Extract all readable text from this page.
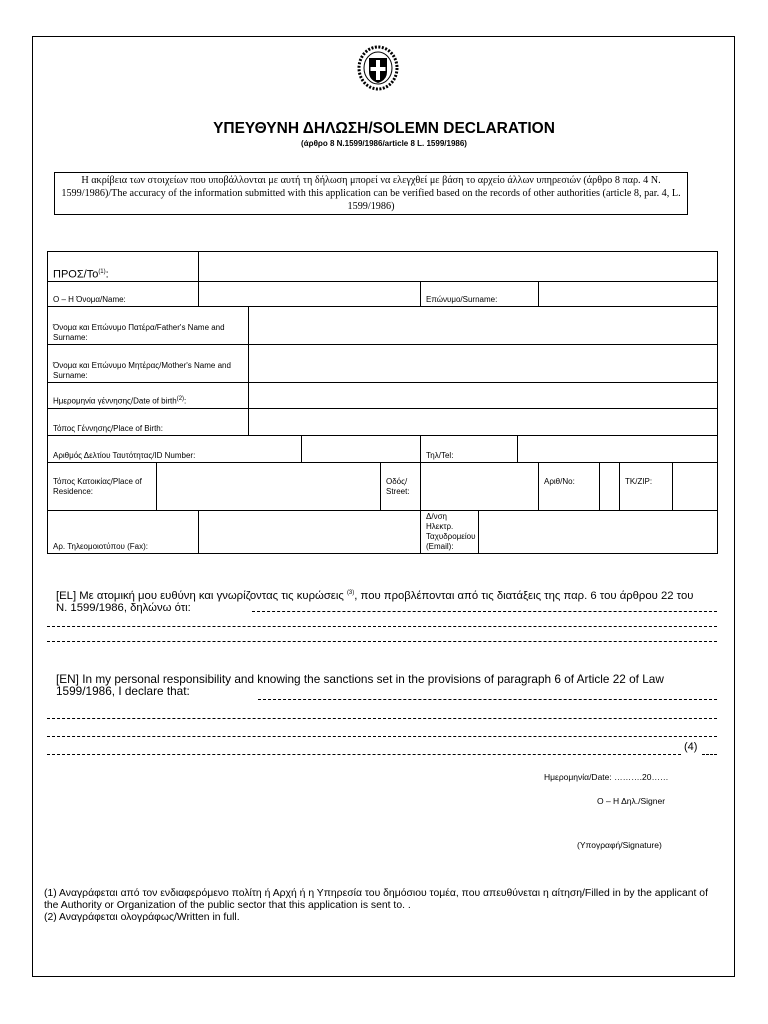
ΥΠΕΥΘΥΝΗ ΔΗΛΩΣΗ/SOLEMN DECLARATION
(άρθρο 8 Ν.1599/1986/article 8 L. 1599/1986)
Η ακρίβεια των στοιχείων που υποβάλλονται με αυτή τη δήλωση μπορεί να ελεγχθεί με βάση το αρχείο άλλων υπηρεσιών (άρθρο 8 παρ. 4 Ν. 1599/1986)/The accuracy of the information submitted with this application can be verified based on the records of other authorities (article 8, par. 4, L. 1599/1986)
ΠΡΟΣ/To$^{(1)}$:												
Ο – Η Όνομα/Name:						Επώνυμο/Surname:						
Όνομα και Επώνυμο Πατέρα/Father's Name and Surname:												
Όνομα και Επώνυμο Μητέρας/Mother's Name and Surname:												
Ημερομηνία γέννησης/Date of birth$^{(2)}$:												
Τόπος Γέννησης/Place of Birth:												
Αριθμός Δελτίου Ταυτότητας/ID Number:						Τηλ/Tel:						
Τόπος Κατοικίας/Place of Residence:					Οδός/ Street:				Αριθ/No:		TK/ZIP:	
Αρ. Τηλεομοιοτύπου (Fax):						Δ/νση Ηλεκτρ. Ταχυδρομείου (Email):						
[EL] Με ατομική μου ευθύνη και γνωρίζοντας τις κυρώσεις $^{(3)}$, που προβλέπονται από τις διατάξεις της παρ. 6 του άρθρου 22 του Ν. 1599/1986, δηλώνω ότι:
[EN] In my personal responsibility and knowing the sanctions set in the provisions of paragraph 6 of Article 22 of Law 1599/1986, I declare that:
(4)
Ημερομηνία/Date: ……….20……
Ο – Η Δηλ./Signer
(Υπογραφή/Signature)
(1) Αναγράφεται από τον ενδιαφερόμενο πολίτη ή Αρχή ή η Υπηρεσία του δημόσιου τομέα, που απευθύνεται η αίτηση/Filled in by the applicant of the Authority or Organization of the public sector that this application is sent to. .
(2) Αναγράφεται ολογράφως/Written in full.
